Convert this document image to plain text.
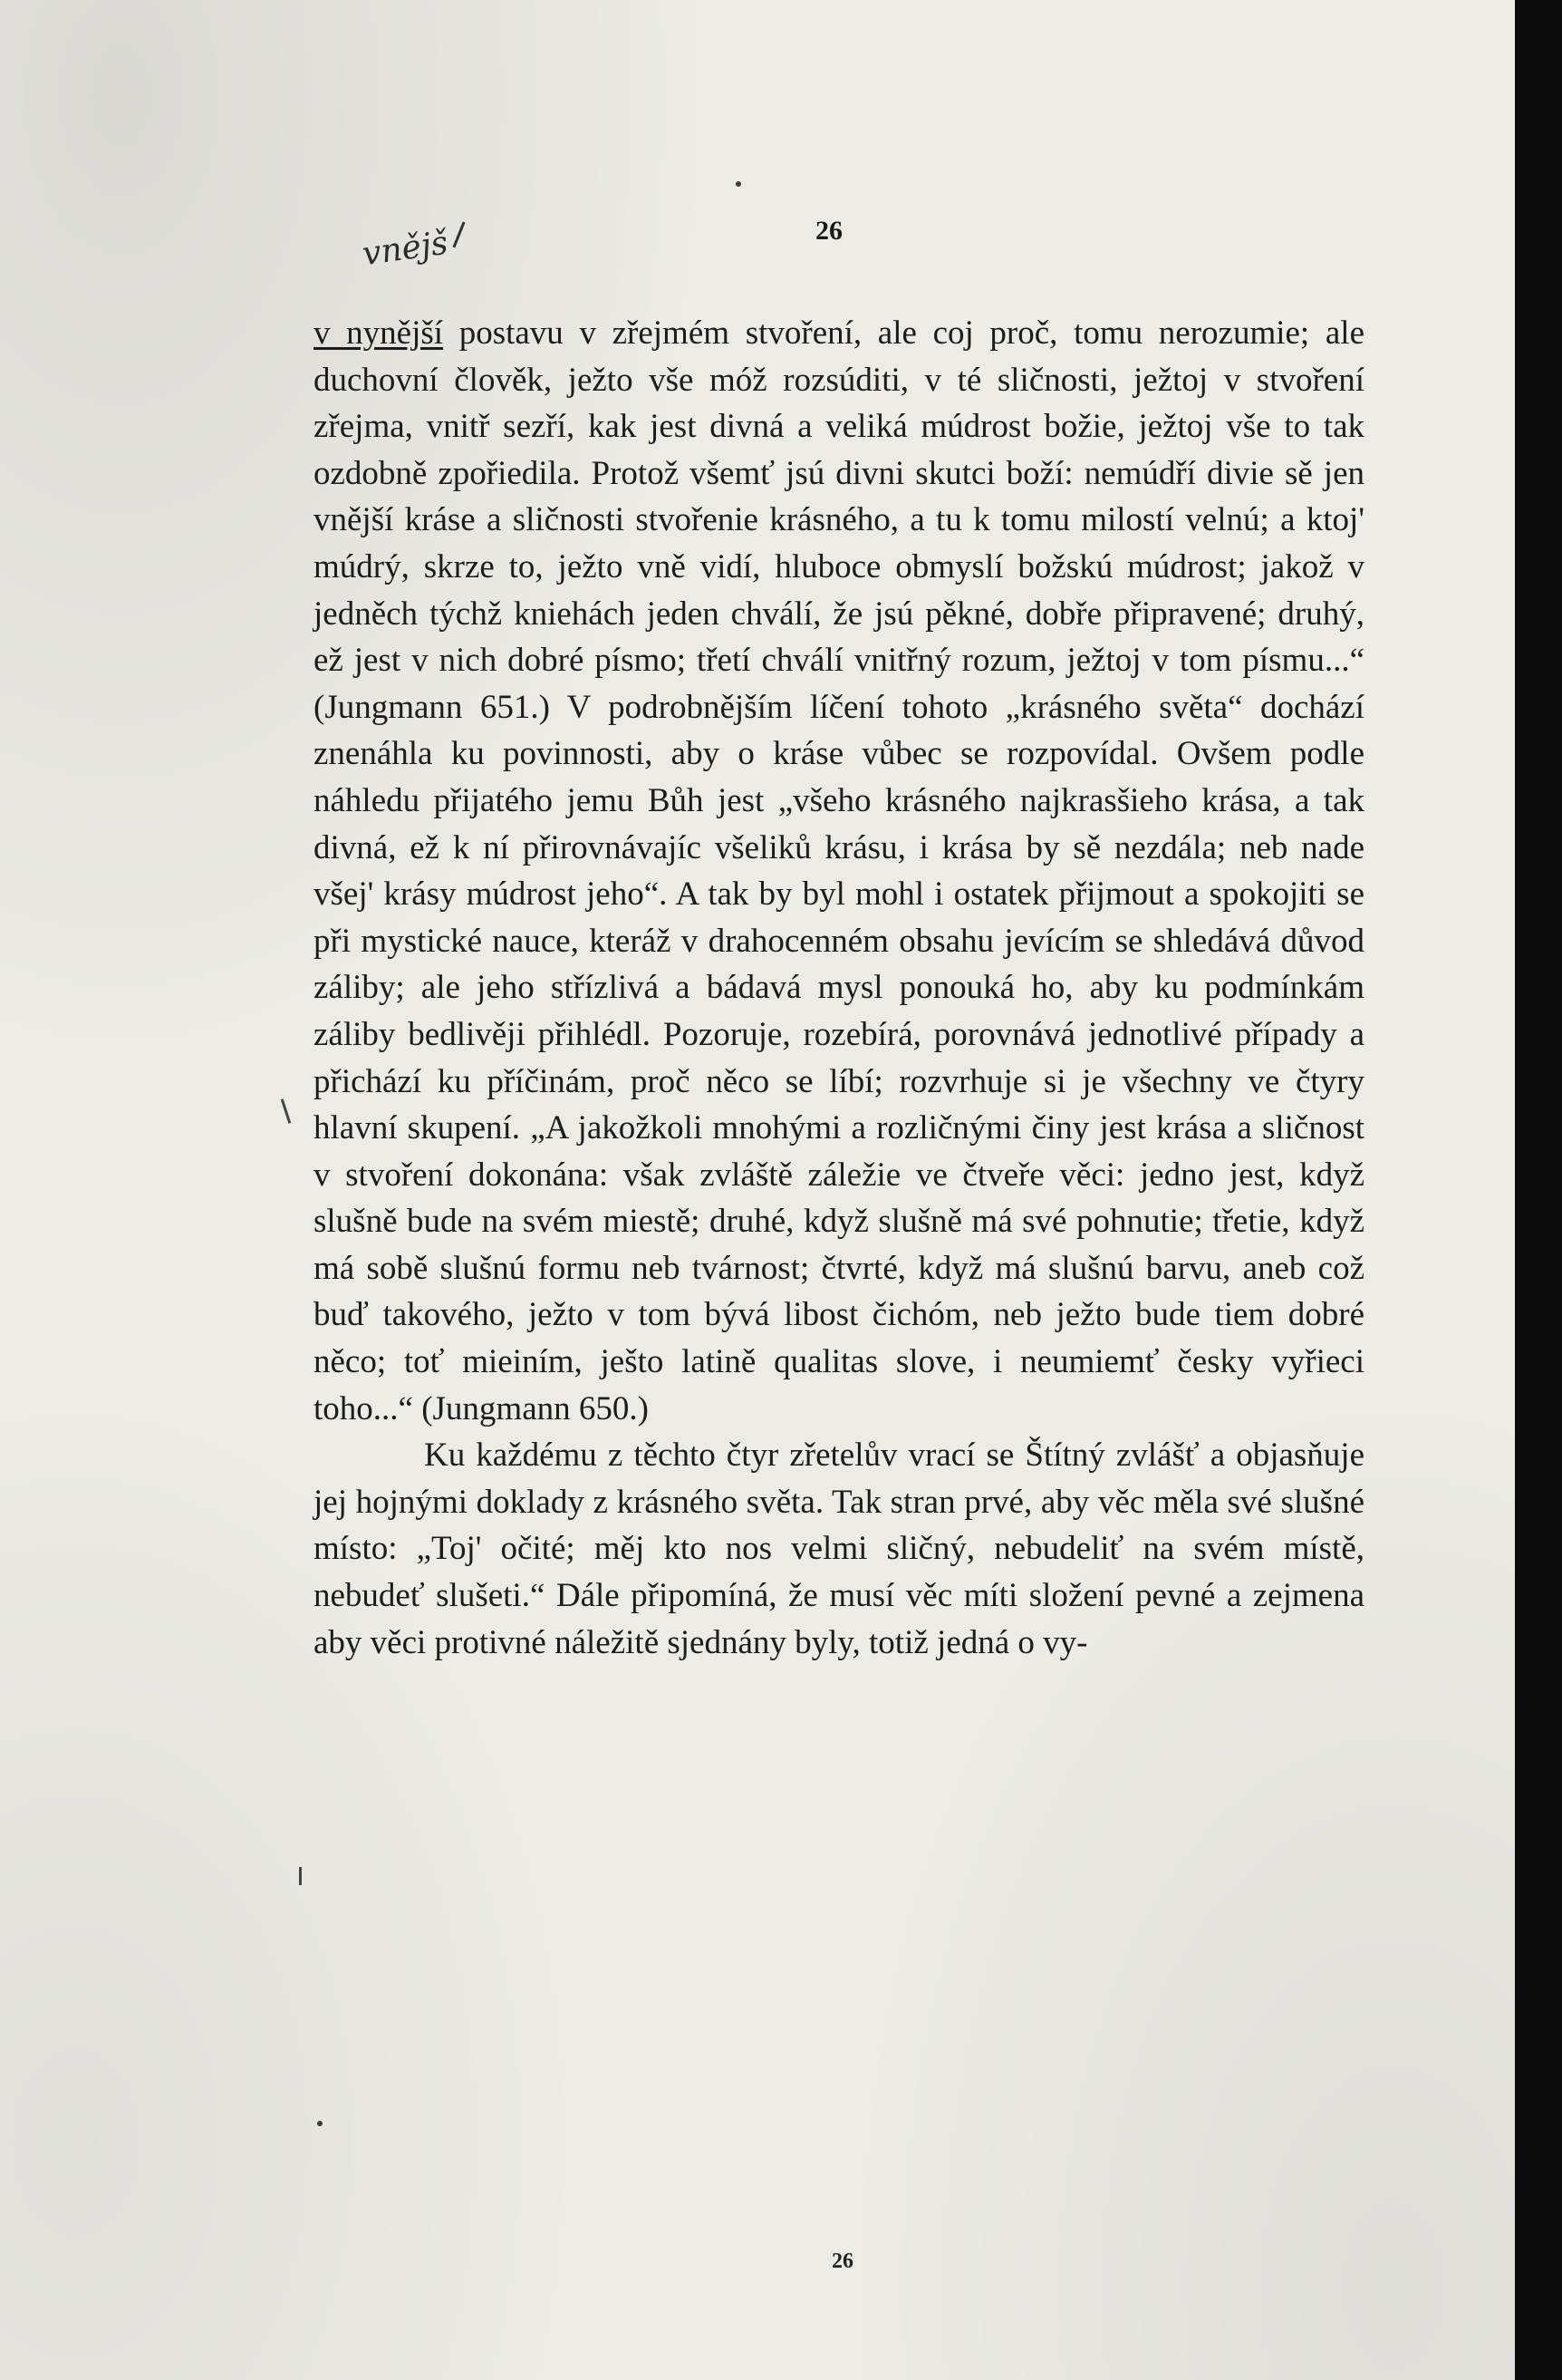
26
vnějš

v nynější postavu v zřejmém stvoření, ale coj proč, tomu nerozumie; ale duchovní člověk, ježto vše móž rozsúditi, v té sličnosti, ježtoj v stvoření zřejma, vnitř sezří, kak jest divná a veliká múdrost božie, ježtoj vše to tak ozdobně zpořiedila. Protož všemť jsú divni skutci boží: nemúdří divie sě jen vnější kráse a sličnosti stvořenie krásného, a tu k tomu milostí velnú; a ktoj' múdrý, skrze to, ježto vně vidí, hluboce obmyslí božskú múdrost; jakož v jedněch týchž kniehách jeden chválí, že jsú pěkné, dobře připravené; druhý, ež jest v nich dobré písmo; třetí chválí vnitřný rozum, ježtoj v tom písmu...“ (Jungmann 651.) V podrobnějším líčení tohoto „krásného světa“ dochází znenáhla ku povinnosti, aby o kráse vůbec se rozpovídal. Ovšem podle náhledu přijatého jemu Bůh jest „všeho krásného najkrasšieho krása, a tak divná, ež k ní přirovnávajíc všeliků krásu, i krása by sě nezdála; neb nade všej' krásy múdrost jeho“. A tak by byl mohl i ostatek přijmout a spokojiti se při mystické nauce, kteráž v drahocenném obsahu jevícím se shledává důvod záliby; ale jeho střízlivá a bádavá mysl ponouká ho, aby ku podmínkám záliby bedlivěji přihlédl. Pozoruje, rozebírá, porovnává jednotlivé případy a přichází ku příčinám, proč něco se líbí; rozvrhuje si je všechny ve čtyry hlavní skupení. „A jakožkoli mnohými a rozličnými činy jest krása a sličnost v stvoření dokonána: však zvláště záležie ve čtveře věci: jedno jest, když slušně bude na svém miestě; druhé, když slušně má své pohnutie; třetie, když má sobě slušnú formu neb tvárnost; čtvrté, když má slušnú barvu, aneb což buď takového, ježto v tom bývá libost čichóm, neb ježto bude tiem dobré něco; toť mieiním, ješto latině qualitas slove, i neumiemť česky vyřieci toho...“ (Jungmann 650.)

Ku každému z těchto čtyr zřetelův vrací se Štítný zvlášť a objasňuje jej hojnými doklady z krásného světa. Tak stran prvé, aby věc měla své slušné místo: „Toj' očité; měj kto nos velmi sličný, nebudeliť na svém místě, nebudeť slušeti.“ Dále připomíná, že musí věc míti složení pevné a zejmena aby věci protivné náležitě sjednány byly, totiž jedná o vy-

26
